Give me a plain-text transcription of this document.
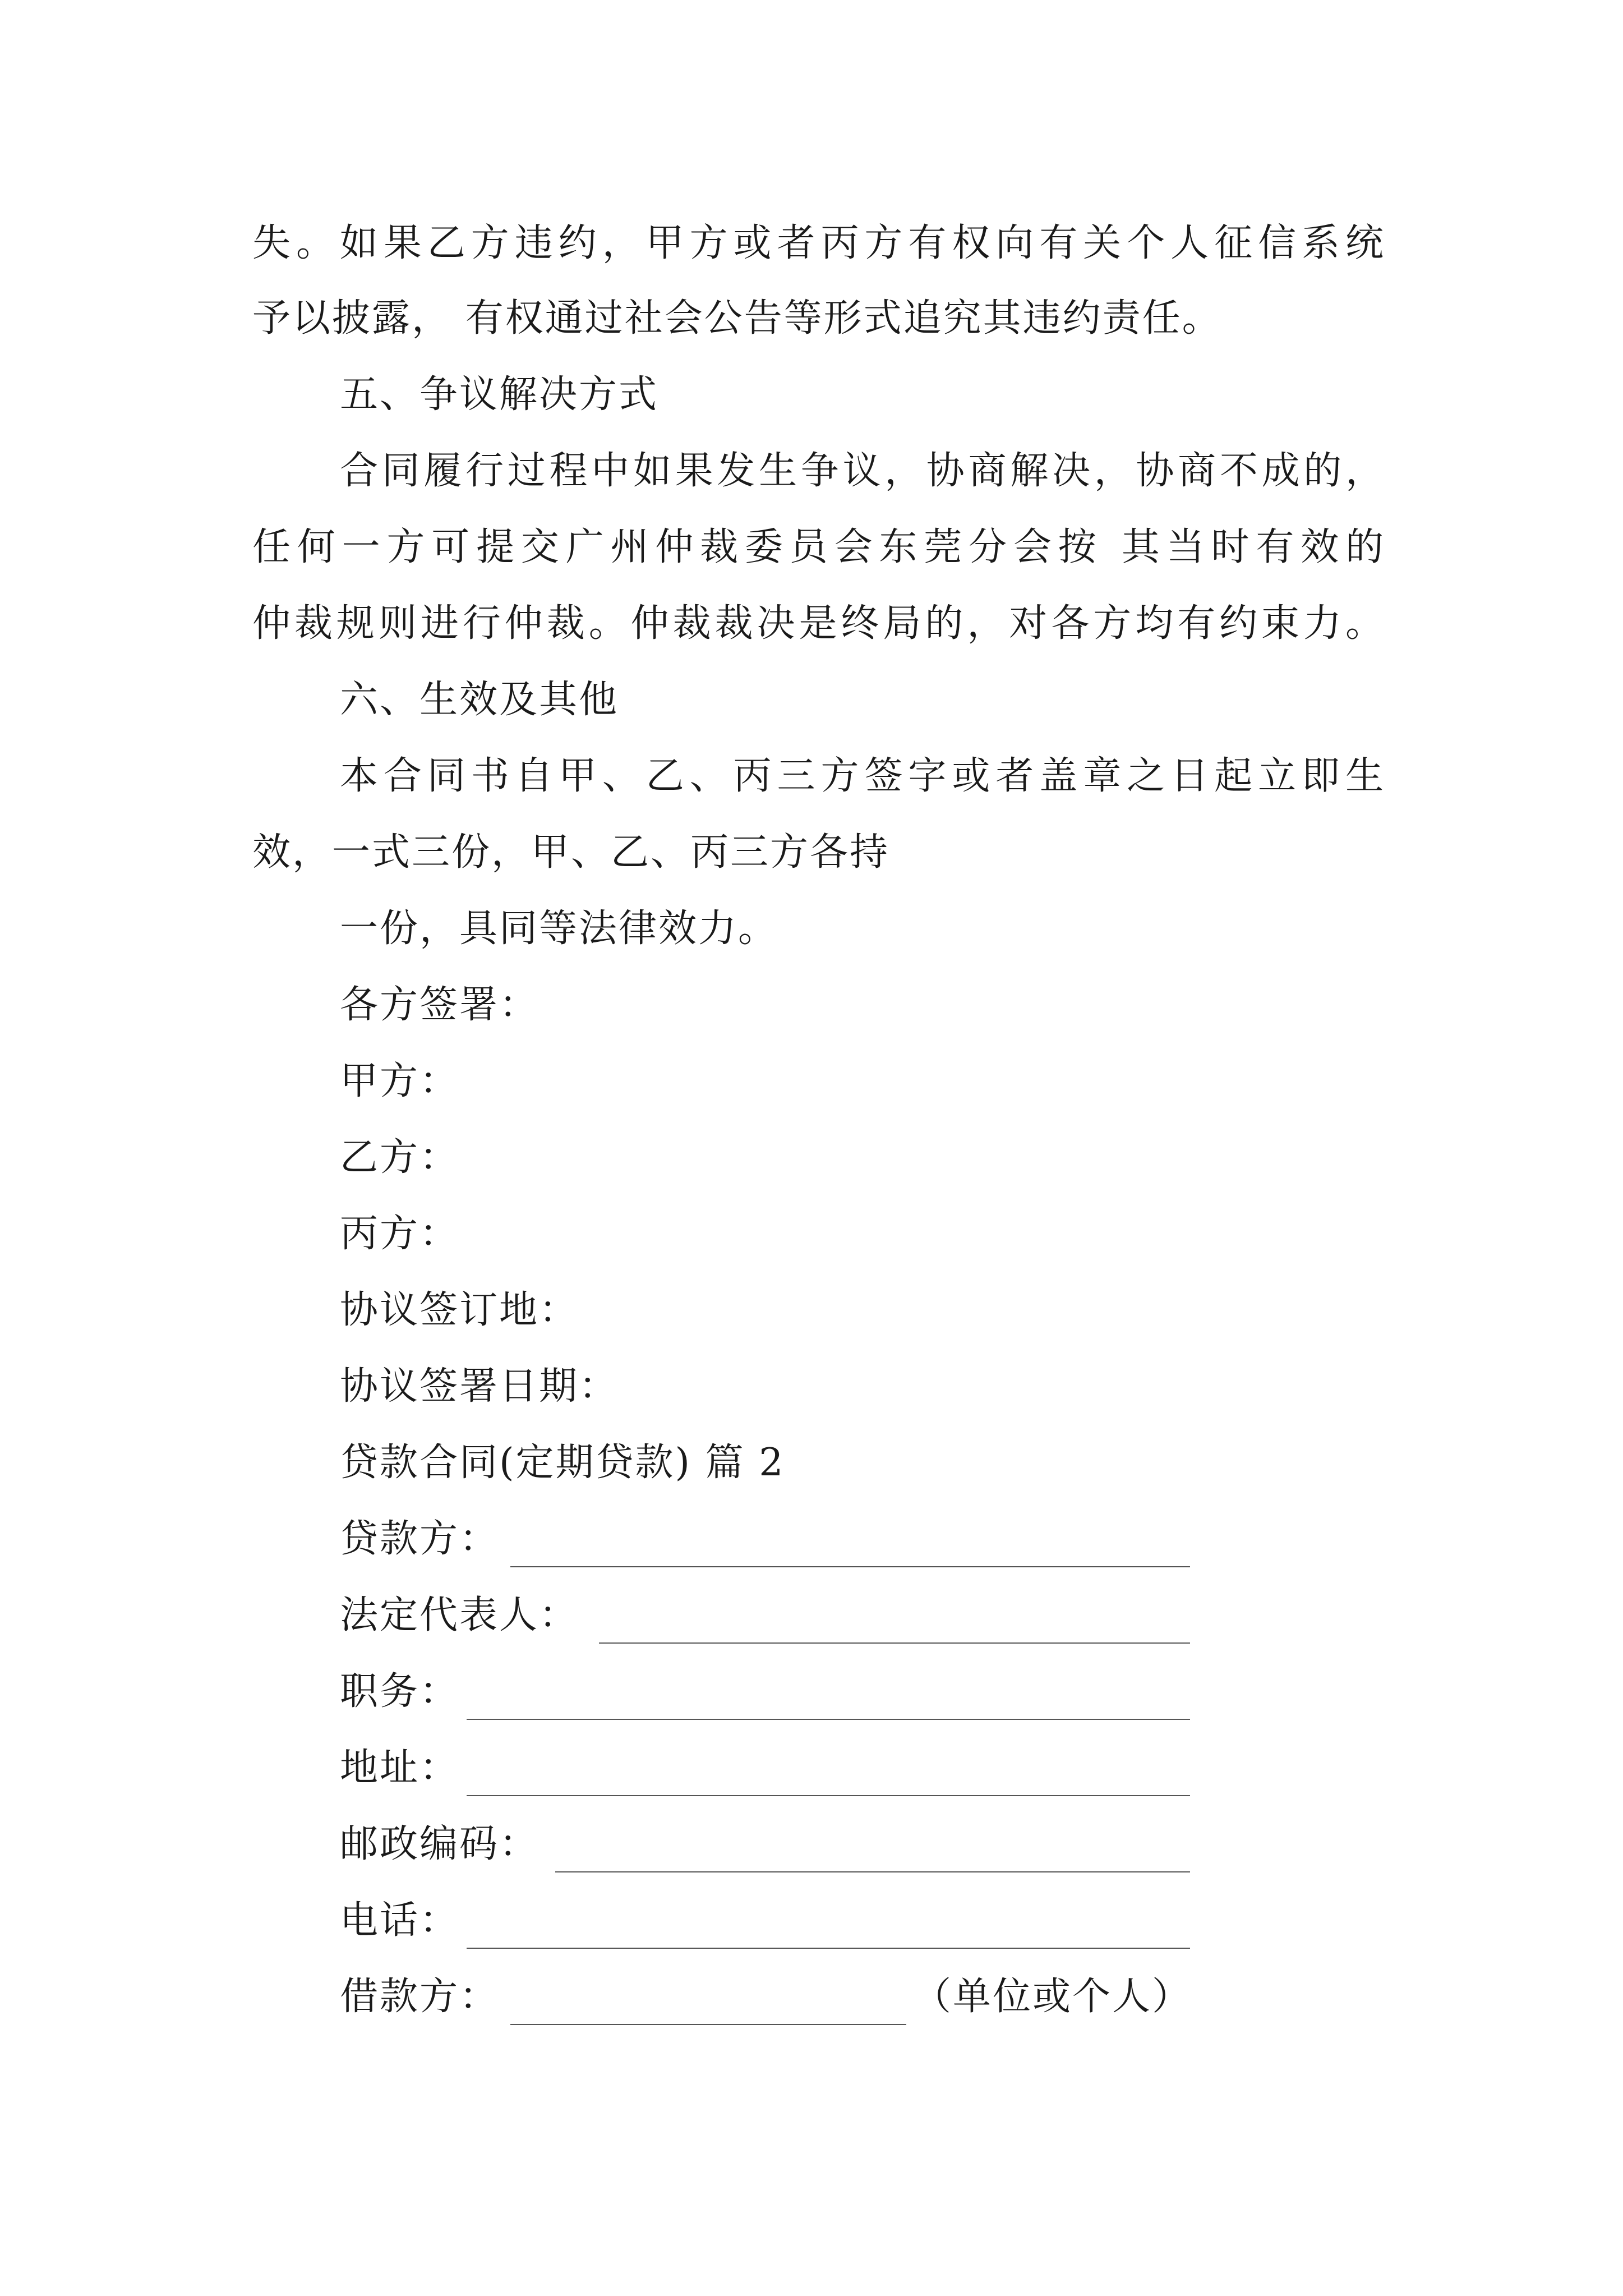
失。如果乙方违约，甲方或者丙方有权向有关个人征信系统
予以披露， 有权通过社会公告等形式追究其违约责任。
五、争议解决方式
合同履行过程中如果发生争议，协商解决，协商不成的，
任何一方可提交广州仲裁委员会东莞分会按 其当时有效的
仲裁规则进行仲裁。仲裁裁决是终局的，对各方均有约束力。
六、生效及其他
本合同书自甲、乙、丙三方签字或者盖章之日起立即生
效，一式三份，甲、乙、丙三方各持
一份，具同等法律效力。
各方签署：
甲方：
乙方：
丙方：
协议签订地：
协议签署日期：
贷款合同(定期贷款) 篇 2
贷款方：
法定代表人：
职务：
地址：
邮政编码：
电话：
借款方：	（单位或个人）
